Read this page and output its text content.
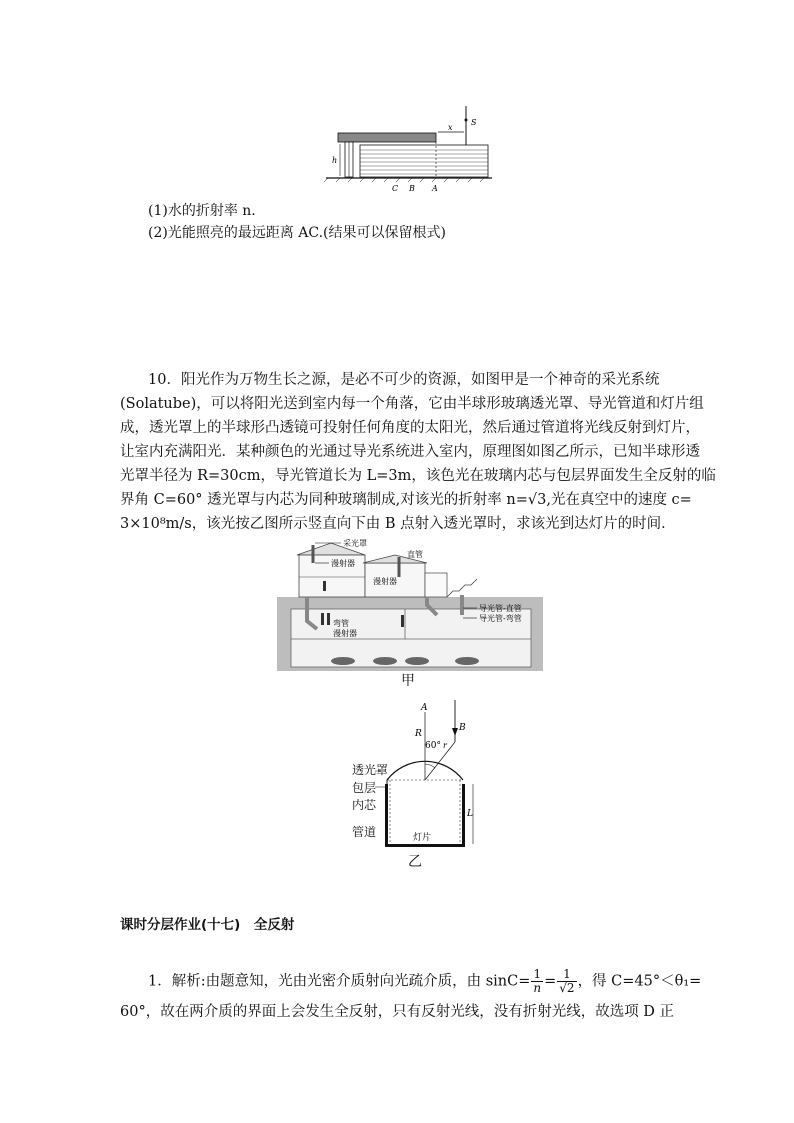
S
x
h
C B A
(1)水的折射率 n.
(2)光能照亮的最远距离 AC.(结果可以保留根式)
10．阳光作为万物生长之源，是必不可少的资源，如图甲是一个神奇的采光系统
(Solatube)，可以将阳光送到室内每一个角落，它由半球形玻璃透光罩、导光管道和灯片组
成，透光罩上的半球形凸透镜可投射任何角度的太阳光，然后通过管道将光线反射到灯片，
让室内充满阳光．某种颜色的光通过导光系统进入室内，原理图如图乙所示，已知半球形透
光罩半径为 R=30cm，导光管道长为 L=3m，该色光在玻璃内芯与包层界面发生全反射的临
界角 C=60° 透光罩与内芯为同种玻璃制成,对该光的折射率 n=√3,光在真空中的速度 c=
3×10⁸m/s，该光按乙图所示竖直向下由 B 点射入透光罩时，求该光到达灯片的时间．
采光罩
漫射器
直管
漫射器
导光管-直管
导光管-弯管
弯管
漫射器
甲
A
B
R
60° r
L
灯片
透光罩
包层
内芯
管道
乙
课时分层作业(十七)　全反射
1．解析:由题意知，光由光密介质射向光疏介质，由 $\sin C= \frac{1}{n} = \frac{1}{√2}$ ，得 C=45°＜θ₁=
60°，故在两介质的界面上会发生全反射，只有反射光线，没有折射光线，故选项 D 正
